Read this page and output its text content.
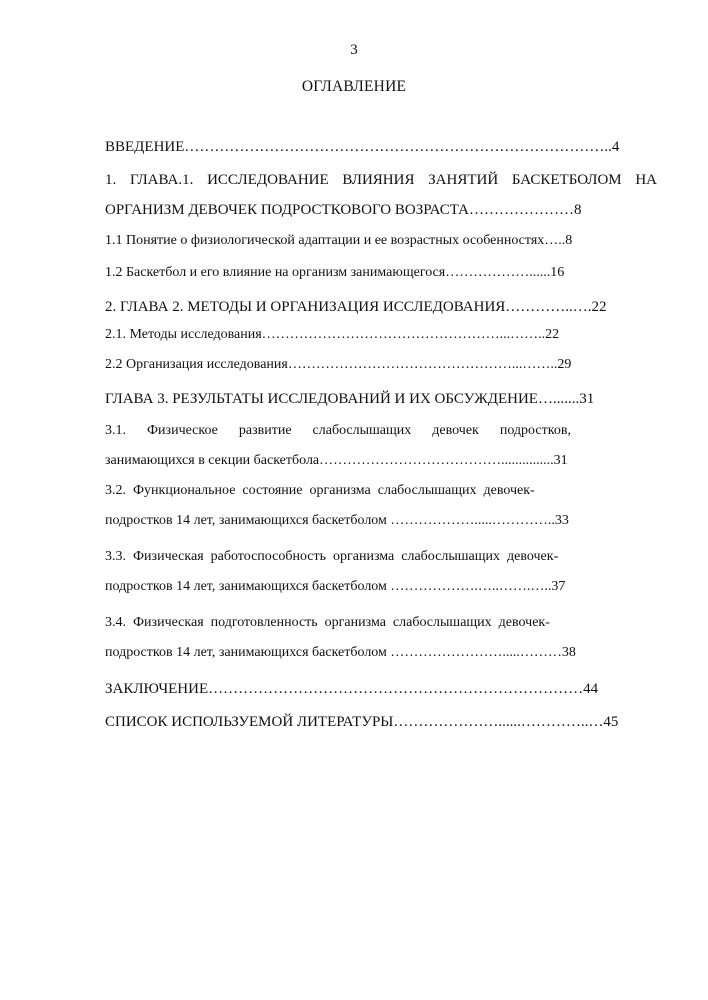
3
ОГЛАВЛЕНИЕ
ВВЕДЕНИЕ…………………………………………………………………………..4
1. ГЛАВА.1. ИССЛЕДОВАНИЕ ВЛИЯНИЯ ЗАНЯТИЙ БАСКЕТБОЛОМ НА
ОРГАНИЗМ ДЕВОЧЕК ПОДРОСТКОВОГО ВОЗРАСТА…………………8
1.1 Понятие о физиологической адаптации и ее возрастных особенностях…..8
1.2 Баскетбол и его влияние на организм занимающегося………………......16
2. ГЛАВА 2. МЕТОДЫ И ОРГАНИЗАЦИЯ ИССЛЕДОВАНИЯ…………..….22
2.1. Методы исследования……………………………………………...……..22
2.2 Организация исследования…………………………………………...……..29
ГЛАВА 3. РЕЗУЛЬТАТЫ ИССЛЕДОВАНИЙ И ИХ ОБСУЖДЕНИЕ….......31
3.1.      Физическое      развитие      слабослышащих      девочек      подростков,
занимающихся в секции баскетбола…………………………………...............31
3.2.  Функциональное  состояние  организма  слабослышащих  девочек-
подростков 14 лет, занимающихся баскетболом ……………….....…………..33
3.3.  Физическая  работоспособность  организма  слабослышащих  девочек-
подростков 14 лет, занимающихся баскетболом ……………….…..…….…..37
3.4.  Физическая  подготовленность  организма  слабослышащих  девочек-
подростков 14 лет, занимающихся баскетболом …………………….....………38
ЗАКЛЮЧЕНИЕ…………………………………………………………………44
СПИСОК ИСПОЛЬЗУЕМОЙ ЛИТЕРАТУРЫ…………………......…………..…45
